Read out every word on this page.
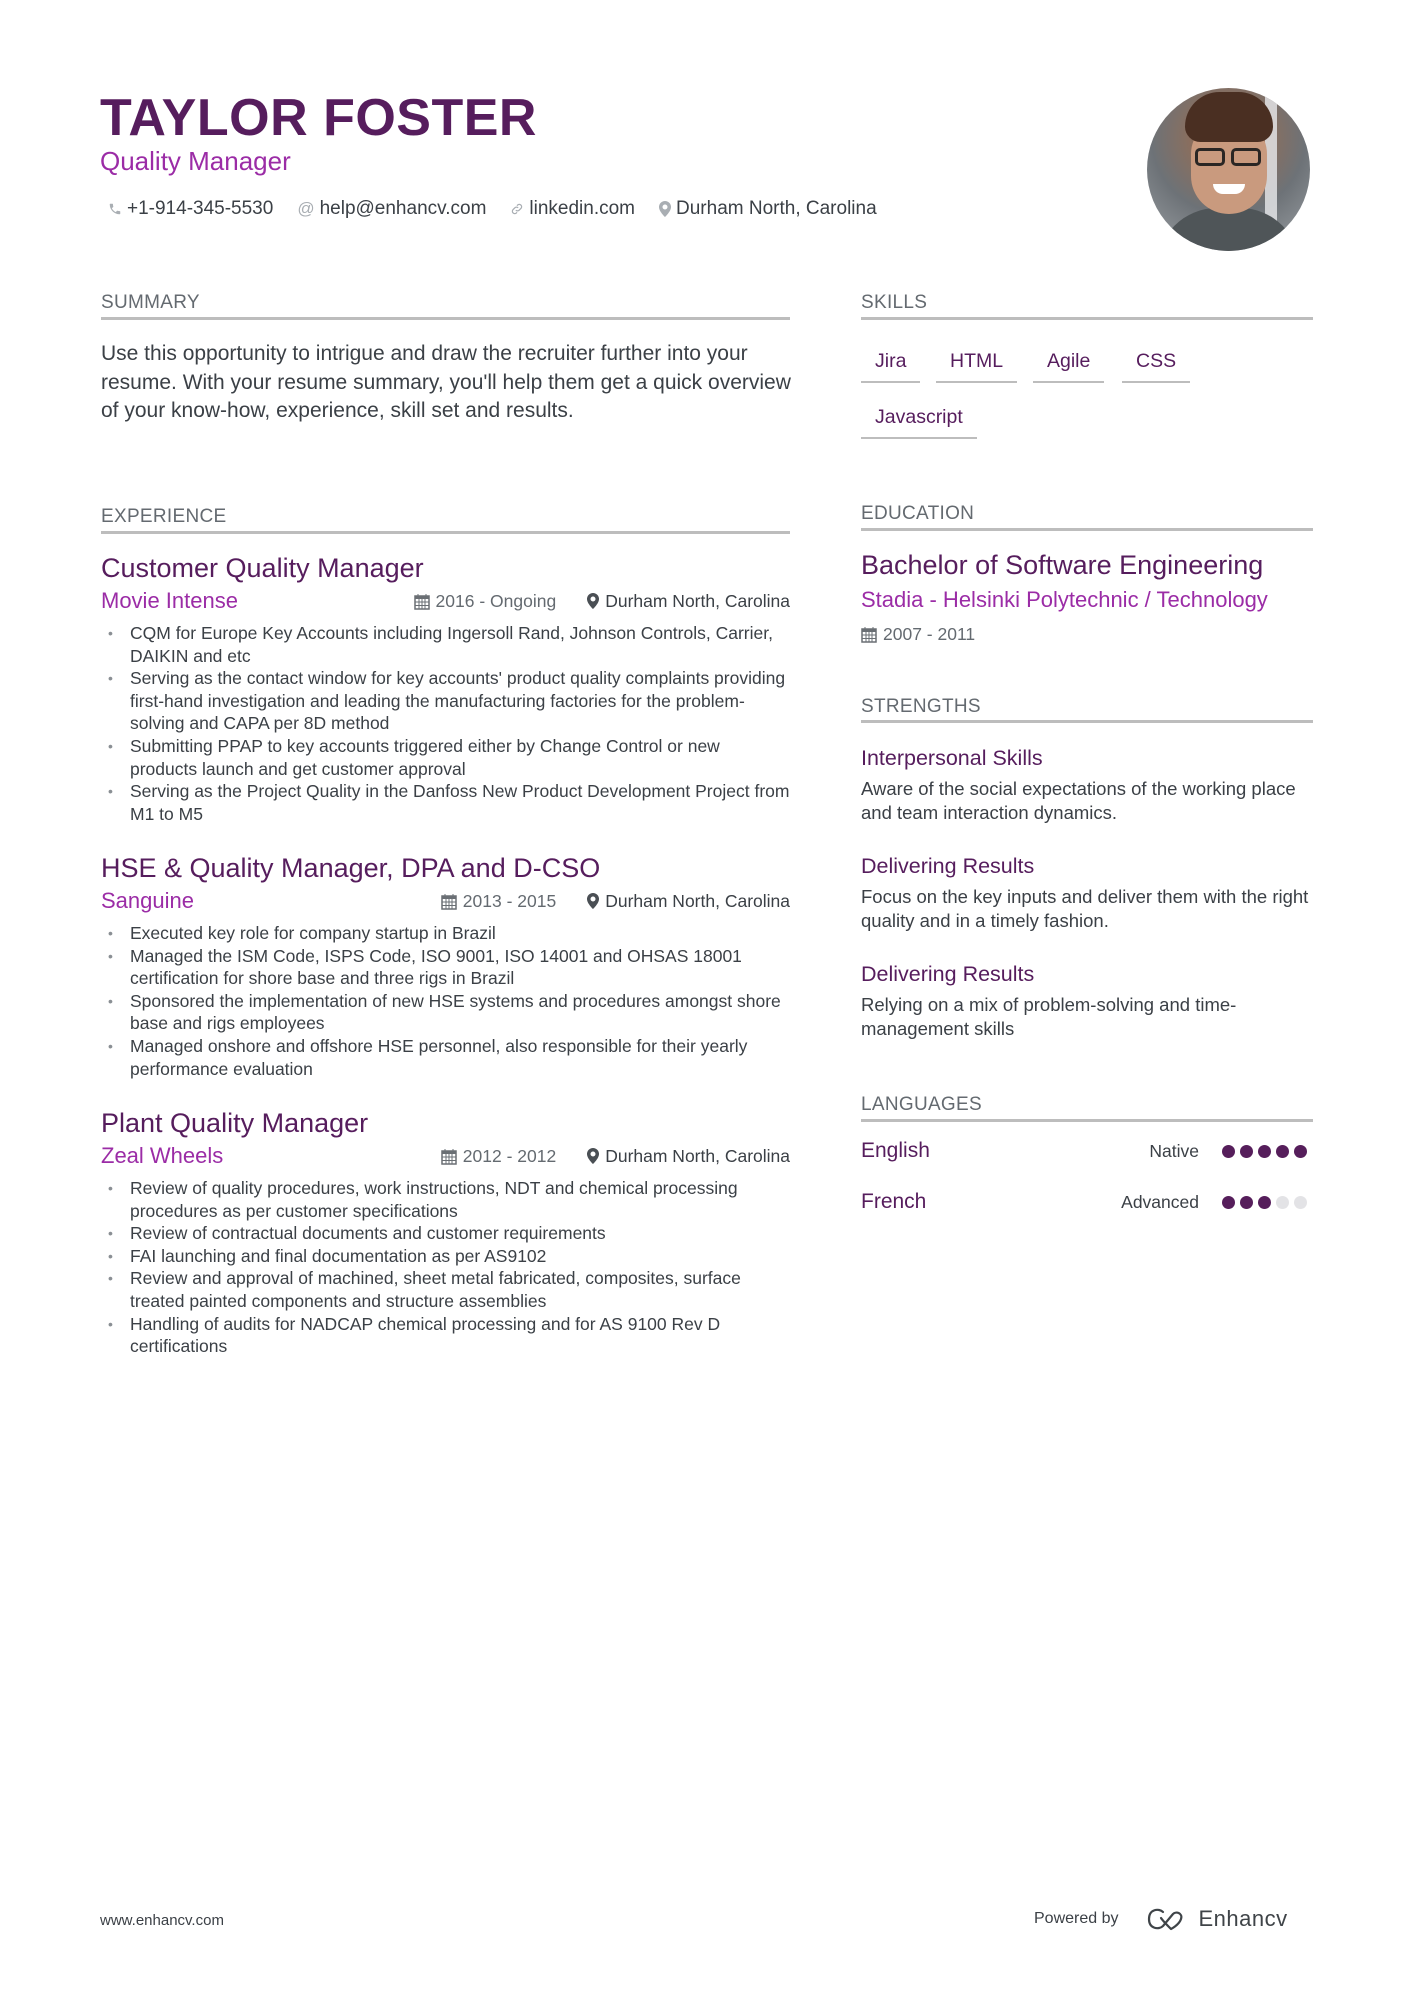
TAYLOR FOSTER
Quality Manager
+1-914-345-5530 @ help@enhancv.com linkedin.com Durham North, Carolina
SUMMARY
Use this opportunity to intrigue and draw the recruiter further into your resume. With your resume summary, you'll help them get a quick overview of your know-how, experience, skill set and results.
EXPERIENCE
Customer Quality Manager
Movie Intense	2016 - Ongoing	Durham North, Carolina
• CQM for Europe Key Accounts including Ingersoll Rand, Johnson Controls, Carrier, DAIKIN and etc
• Serving as the contact window for key accounts' product quality complaints providing first-hand investigation and leading the manufacturing factories for the problem-solving and CAPA per 8D method
• Submitting PPAP to key accounts triggered either by Change Control or new products launch and get customer approval
• Serving as the Project Quality in the Danfoss New Product Development Project from M1 to M5
HSE & Quality Manager, DPA and D-CSO
Sanguine	2013 - 2015	Durham North, Carolina
• Executed key role for company startup in Brazil
• Managed the ISM Code, ISPS Code, ISO 9001, ISO 14001 and OHSAS 18001 certification for shore base and three rigs in Brazil
• Sponsored the implementation of new HSE systems and procedures amongst shore base and rigs employees
• Managed onshore and offshore HSE personnel, also responsible for their yearly performance evaluation
Plant Quality Manager
Zeal Wheels	2012 - 2012	Durham North, Carolina
• Review of quality procedures, work instructions, NDT and chemical processing procedures as per customer specifications
• Review of contractual documents and customer requirements
• FAI launching and final documentation as per AS9102
• Review and approval of machined, sheet metal fabricated, composites, surface treated painted components and structure assemblies
• Handling of audits for NADCAP chemical processing and for AS 9100 Rev D certifications
SKILLS
Jira	HTML	Agile	CSS
Javascript
EDUCATION
Bachelor of Software Engineering
Stadia - Helsinki Polytechnic / Technology
2007 - 2011
STRENGTHS
Interpersonal Skills
Aware of the social expectations of the working place and team interaction dynamics.
Delivering Results
Focus on the key inputs and deliver them with the right quality and in a timely fashion.
Delivering Results
Relying on a mix of problem-solving and time-management skills
LANGUAGES
English	Native
French	Advanced
www.enhancv.com	Powered by	Enhancv
